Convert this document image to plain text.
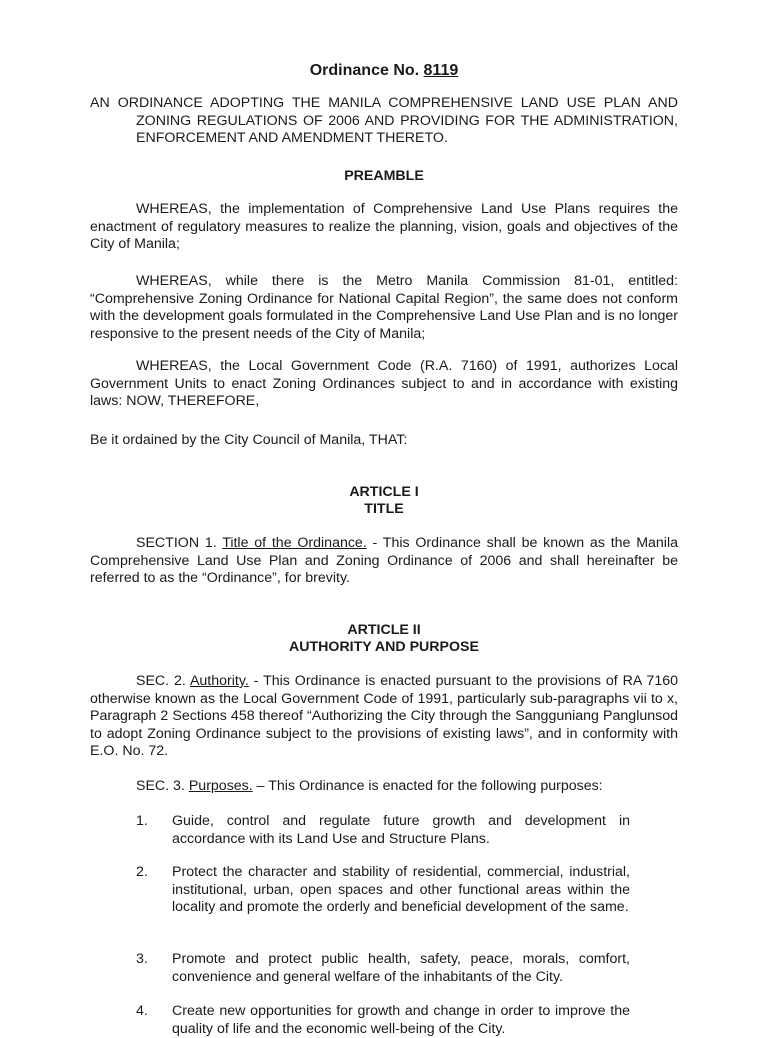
Ordinance No. 8119
AN ORDINANCE ADOPTING THE MANILA COMPREHENSIVE LAND USE PLAN AND ZONING REGULATIONS OF 2006 AND PROVIDING FOR THE ADMINISTRATION, ENFORCEMENT AND AMENDMENT THERETO.
PREAMBLE
WHEREAS, the implementation of Comprehensive Land Use Plans requires the enactment of regulatory measures to realize the planning, vision, goals and objectives of the City of Manila;
WHEREAS, while there is the Metro Manila Commission 81-01, entitled: “Comprehensive Zoning Ordinance for National Capital Region”, the same does not conform with the development goals formulated in the Comprehensive Land Use Plan and is no longer responsive to the present needs of the City of Manila;
WHEREAS, the Local Government Code (R.A. 7160) of 1991, authorizes Local Government Units to enact Zoning Ordinances subject to and in accordance with existing laws: NOW, THEREFORE,
Be it ordained by the City Council of Manila, THAT:
ARTICLE I
TITLE
SECTION 1. Title of the Ordinance. - This Ordinance shall be known as the Manila Comprehensive Land Use Plan and Zoning Ordinance of 2006 and shall hereinafter be referred to as the “Ordinance”, for brevity.
ARTICLE II
AUTHORITY AND PURPOSE
SEC. 2. Authority. - This Ordinance is enacted pursuant to the provisions of RA 7160 otherwise known as the Local Government Code of 1991, particularly sub-paragraphs vii to x, Paragraph 2 Sections 458 thereof “Authorizing the City through the Sangguniang Panglunsod to adopt Zoning Ordinance subject to the provisions of existing laws”, and in conformity with E.O. No. 72.
SEC. 3. Purposes. – This Ordinance is enacted for the following purposes:
1.	Guide, control and regulate future growth and development in accordance with its Land Use and Structure Plans.
2.	Protect the character and stability of residential, commercial, industrial, institutional, urban, open spaces and other functional areas within the locality and promote the orderly and beneficial development of the same.
3.	Promote and protect public health, safety, peace, morals, comfort, convenience and general welfare of the inhabitants of the City.
4.	Create new opportunities for growth and change in order to improve the quality of life and the economic well-being of the City.
